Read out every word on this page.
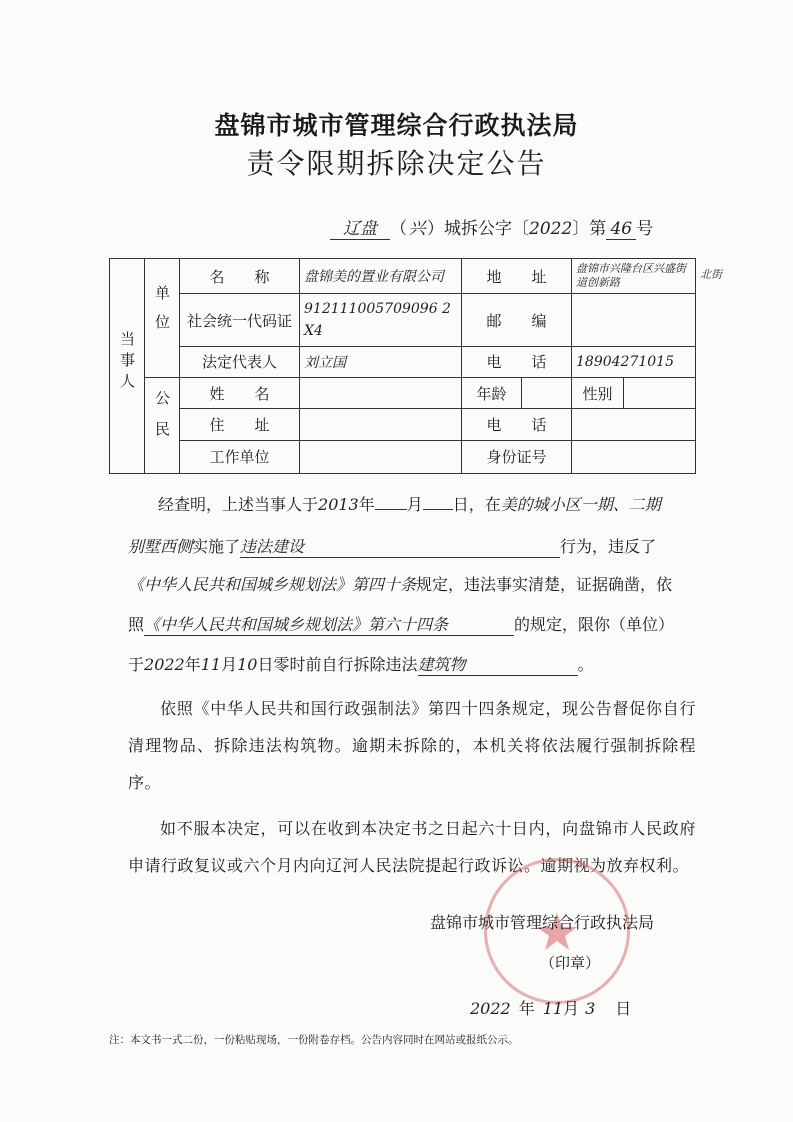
盘锦市城市管理综合行政执法局
责令限期拆除决定公告
辽盘 （兴）城拆公字〔2022〕第 46 号
当事人	单位	名　　称	盘锦美的置业有限公司	地　　址		盘锦市兴隆台区兴盛街道创新路	
		社会统一代码证	91211100570909​6 2X4	邮　　编			
		法定代表人	刘立国	电　　话		18904271015	
	公民	姓　　名		年龄		性别	
		住　　址		电　　话			
		工作单位		身份证号			
北街
经查明，上述当事人于2013年 月 日，在美的城小区一期、二期
别墅西侧实施了违法建设	行为，违反了
《中华人民共和国城乡规划法》第四十条规定，违法事实清楚，证据确凿，依
照《中华人民共和国城乡规划法》第六十四条	的规定，限你（单位）
于2022年11月10日零时前自行拆除违法建筑物	。
依照《中华人民共和国行政强制法》第四十四条规定，现公告督促你自行清理物品、拆除违法构筑物。逾期未拆除的，本机关将依法履行强制拆除程序。
如不服本决定，可以在收到本决定书之日起六十日内，向盘锦市人民政府申请行政复议或六个月内向辽河人民法院提起行政诉讼。逾期视为放弃权利。
盘锦市城市管理综合行政执法局
（印章）
2022 年 11月 3 日
注：本文书一式二份，一份粘贴现场，一份附卷存档。公告内容同时在网站或报纸公示。
